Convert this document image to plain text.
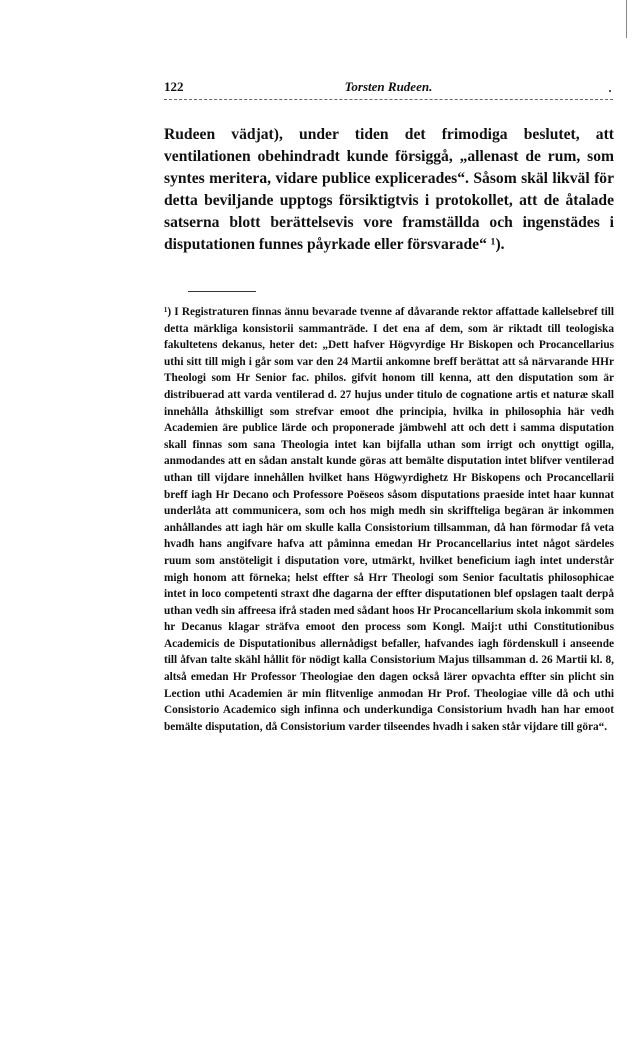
122	Torsten Rudeen.

Rudeen vädjat), under tiden det frimodiga beslutet, att ventilationen obehindradt kunde försiggå, „allenast de rum, som syntes meritera, vidare publice explicerades“. Såsom skäl likväl för detta beviljande upptogs försiktigtvis i protokollet, att de åtalade satserna blott berättelsevis vore framställda och ingenstädes i disputationen funnes påyrkade eller försvarade“ ¹).

¹) I Registraturen finnas ännu bevarade tvenne af dåvarande rektor affattade kallelsebref till detta märkliga konsistorii sammanträde. I det ena af dem, som är riktadt till teologiska fakultetens dekanus, heter det: „Dett hafver Högvyrdige Hr Biskopen och Procancellarius uthi sitt till migh i går som var den 24 Martii ankomne breff berättat att så närvarande HHr Theologi som Hr Senior fac. philos. gifvit honom till kenna, att den disputation som är distribuerad att varda ventilerad d. 27 hujus under titulo de cognatione artis et naturæ skall innehålla åthskilligt som strefvar emoot dhe principia, hvilka in philosophia här vedh Academien äre publice lärde och proponerade jämbwehl att och dett i samma disputation skall finnas som sana Theologia intet kan bijfalla uthan som irrigt och onyttigt ogilla, anmodandes att en sådan anstalt kunde göras att bemälte disputation intet blifver ventilerad uthan till vijdare innehållen hvilket hans Högwyrdighetz Hr Biskopens och Procancellarii breff iagh Hr Decano och Professore Poëseos såsom disputations praeside intet haar kunnat underlåta att communicera, som och hos migh medh sin skriffteliga begäran är inkommen anhållandes att iagh här om skulle kalla Consistorium tillsamman, då han förmodar få veta hvadh hans angifvare hafva att påminna emedan Hr Procancellarius intet något särdeles ruum som anstöteligit i disputation vore, utmärkt, hvilket beneficium iagh intet understår migh honom att förneka; helst effter så Hrr Theologi som Senior facultatis philosophicae intet in loco competenti straxt dhe dagarna der effter disputationen blef opslagen taalt derpå uthan vedh sin affreesa ifrå staden med sådant hoos Hr Procancellarium skola inkommit som hr Decanus klagar sträfva emoot den process som Kongl. Maij:t uthi Constitutionibus Academicis de Disputationibus allernådigst befaller, hafvandes iagh fördenskull i anseende till åfvan talte skähl hållit för nödigt kalla Consistorium Majus tillsamman d. 26 Martii kl. 8, altså emedan Hr Professor Theologiae den dagen också lärer opvachta effter sin plicht sin Lection uthi Academien är min flitvenlige anmodan Hr Prof. Theologiae ville då och uthi Consistorio Academico sigh infinna och underkundiga Consistorium hvadh han har emoot bemälte disputation, då Consistorium varder tilseendes hvadh i saken står vijdare till göra“.
